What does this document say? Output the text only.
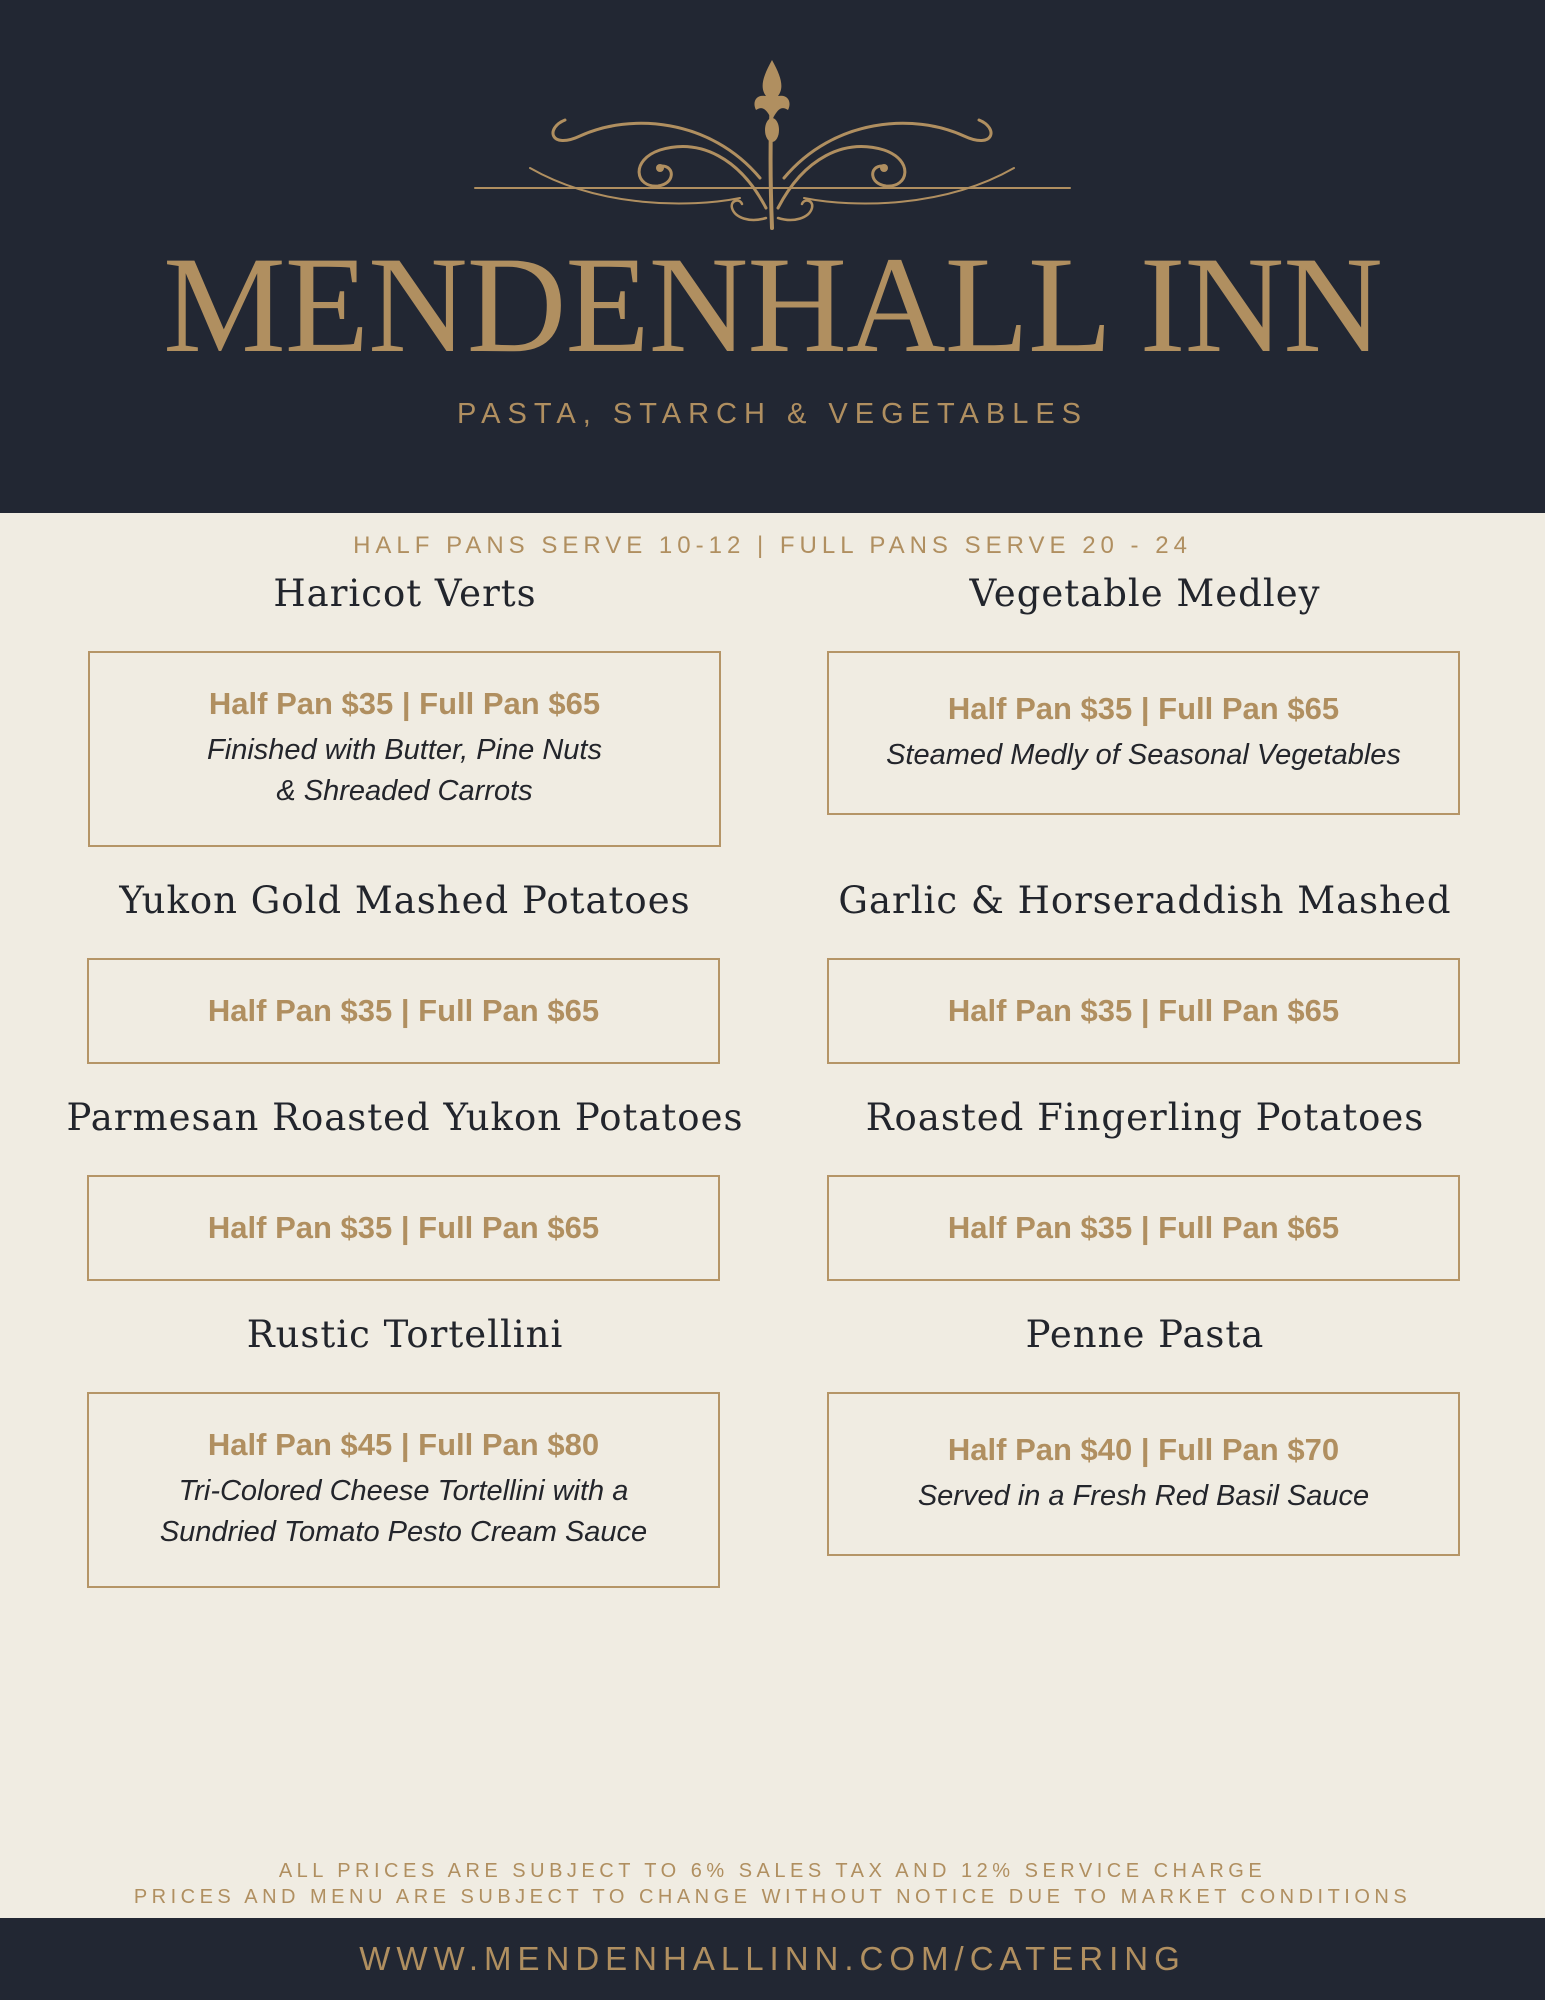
MENDENHALL INN
PASTA, STARCH & VEGETABLES
HALF PANS SERVE 10-12 | FULL PANS SERVE 20 - 24
Haricot Verts
Half Pan $35 | Full Pan $65
Finished with Butter, Pine Nuts
& Shreaded Carrots
Vegetable Medley
Half Pan $35 | Full Pan $65
Steamed Medly of Seasonal Vegetables
Yukon Gold Mashed Potatoes
Half Pan $35 | Full Pan $65
Garlic & Horseraddish Mashed
Half Pan $35 | Full Pan $65
Parmesan Roasted Yukon Potatoes
Half Pan $35 | Full Pan $65
Roasted Fingerling Potatoes
Half Pan $35 | Full Pan $65
Rustic Tortellini
Half Pan $45 | Full Pan $80
Tri-Colored Cheese Tortellini with a
Sundried Tomato Pesto Cream Sauce
Penne Pasta
Half Pan $40 | Full Pan $70
Served in a Fresh Red Basil Sauce
ALL PRICES ARE SUBJECT TO 6% SALES TAX AND 12% SERVICE CHARGE
PRICES AND MENU ARE SUBJECT TO CHANGE WITHOUT NOTICE DUE TO MARKET CONDITIONS
WWW.MENDENHALLINN.COM/CATERING
